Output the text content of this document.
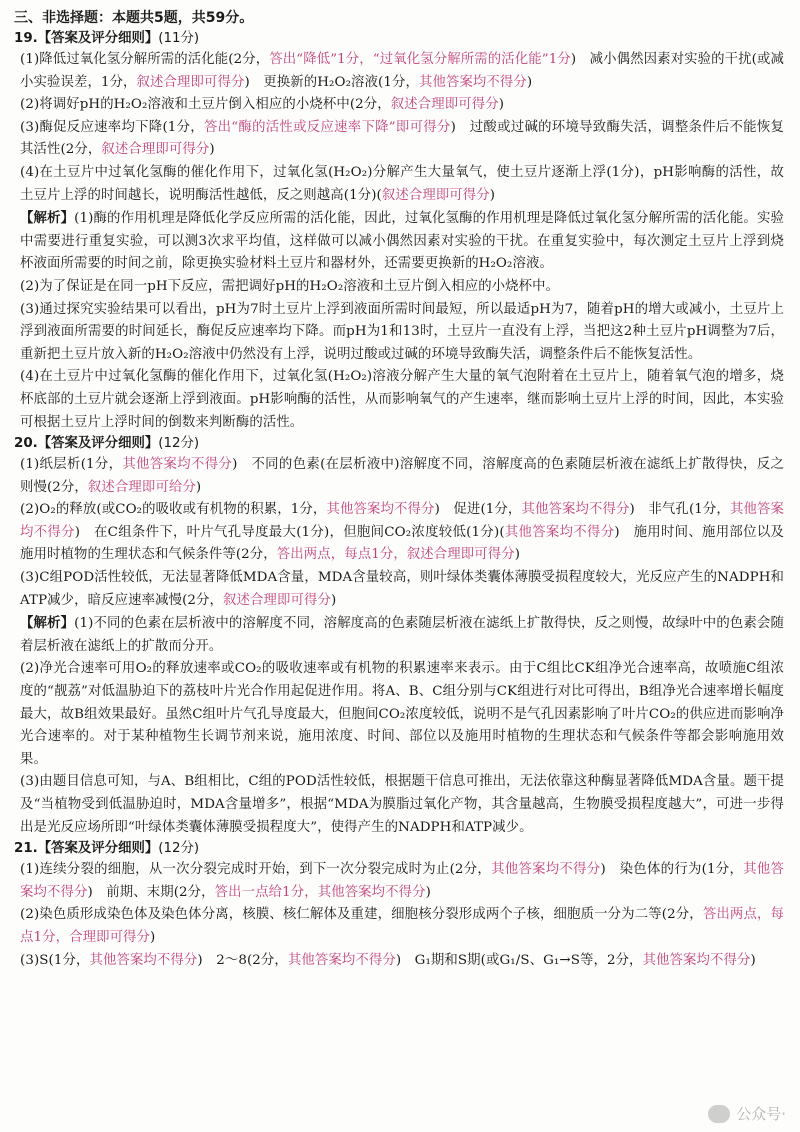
三、非选择题：本题共5题，共59分。
19.【答案及评分细则】(11分)

(1)降低过氧化氢分解所需的活化能(2分，答出“降低”1分，“过氧化氢分解所需的活化能”1分)　减小偶然因素对实验的干扰(或减小实验误差，1分，叙述合理即可得分)　更换新的H₂O₂溶液(1分，其他答案均不得分)

(2)将调好pH的H₂O₂溶液和土豆片倒入相应的小烧杯中(2分，叙述合理即可得分)

(3)酶促反应速率均下降(1分，答出“酶的活性或反应速率下降”即可得分)　过酸或过碱的环境导致酶失活，调整条件后不能恢复其活性(2分，叙述合理即可得分)

(4)在土豆片中过氧化氢酶的催化作用下，过氧化氢(H₂O₂)分解产生大量氧气，使土豆片逐渐上浮(1分)，pH影响酶的活性，故土豆片上浮的时间越长，说明酶活性越低，反之则越高(1分)(叙述合理即可得分)

【解析】(1)酶的作用机理是降低化学反应所需的活化能，因此，过氧化氢酶的作用机理是降低过氧化氢分解所需的活化能。实验中需要进行重复实验，可以测3次求平均值，这样做可以减小偶然因素对实验的干扰。在重复实验中，每次测定土豆片上浮到烧杯液面所需要的时间之前，除更换实验材料土豆片和器材外，还需要更换新的H₂O₂溶液。

(2)为了保证是在同一pH下反应，需把调好pH的H₂O₂溶液和土豆片倒入相应的小烧杯中。

(3)通过探究实验结果可以看出，pH为7时土豆片上浮到液面所需时间最短，所以最适pH为7，随着pH的增大或减小，土豆片上浮到液面所需要的时间延长，酶促反应速率均下降。而pH为1和13时，土豆片一直没有上浮，当把这2种土豆片pH调整为7后，重新把土豆片放入新的H₂O₂溶液中仍然没有上浮，说明过酸或过碱的环境导致酶失活，调整条件后不能恢复活性。

(4)在土豆片中过氧化氢酶的催化作用下，过氧化氢(H₂O₂)溶液分解产生大量的氧气泡附着在土豆片上，随着氧气泡的增多，烧杯底部的土豆片就会逐渐上浮到液面。pH影响酶的活性，从而影响氧气的产生速率，继而影响土豆片上浮的时间，因此，本实验可根据土豆片上浮时间的倒数来判断酶的活性。

20.【答案及评分细则】(12分)

(1)纸层析(1分，其他答案均不得分)　不同的色素(在层析液中)溶解度不同，溶解度高的色素随层析液在滤纸上扩散得快，反之则慢(2分，叙述合理即可给分)

(2)O₂的释放(或CO₂的吸收或有机物的积累，1分，其他答案均不得分)　促进(1分，其他答案均不得分)　非气孔(1分，其他答案均不得分)　在C组条件下，叶片气孔导度最大(1分)，但胞间CO₂浓度较低(1分)(其他答案均不得分)　施用时间、施用部位以及施用时植物的生理状态和气候条件等(2分，答出两点，每点1分，叙述合理即可得分)

(3)C组POD活性较低，无法显著降低MDA含量，MDA含量较高，则叶绿体类囊体薄膜受损程度较大，光反应产生的NADPH和ATP减少，暗反应速率减慢(2分，叙述合理即可得分)

【解析】(1)不同的色素在层析液中的溶解度不同，溶解度高的色素随层析液在滤纸上扩散得快，反之则慢，故绿叶中的色素会随着层析液在滤纸上的扩散而分开。

(2)净光合速率可用O₂的释放速率或CO₂的吸收速率或有机物的积累速率来表示。由于C组比CK组净光合速率高，故喷施C组浓度的“靓荔”对低温胁迫下的荔枝叶片光合作用起促进作用。将A、B、C组分别与CK组进行对比可得出，B组净光合速率增长幅度最大，故B组效果最好。虽然C组叶片气孔导度最大，但胞间CO₂浓度较低，说明不是气孔因素影响了叶片CO₂的供应进而影响净光合速率的。对于某种植物生长调节剂来说，施用浓度、时间、部位以及施用时植物的生理状态和气候条件等都会影响施用效果。

(3)由题目信息可知，与A、B组相比，C组的POD活性较低，根据题干信息可推出，无法依靠这种酶显著降低MDA含量。题干提及“当植物受到低温胁迫时，MDA含量增多”，根据“MDA为膜脂过氧化产物，其含量越高，生物膜受损程度越大”，可进一步得出是光反应场所即“叶绿体类囊体薄膜受损程度大”，使得产生的NADPH和ATP减少。

21.【答案及评分细则】(12分)

(1)连续分裂的细胞，从一次分裂完成时开始，到下一次分裂完成时为止(2分，其他答案均不得分)　染色体的行为(1分，其他答案均不得分)　前期、末期(2分，答出一点给1分，其他答案均不得分)

(2)染色质形成染色体及染色体分离，核膜、核仁解体及重建，细胞核分裂形成两个子核，细胞质一分为二等(2分，答出两点，每点1分，合理即可得分)

(3)S(1分，其他答案均不得分)　2～8(2分，其他答案均不得分)　G₁期和S期(或G₁/S、G₁→S等，2分，其他答案均不得分)

公众号·
